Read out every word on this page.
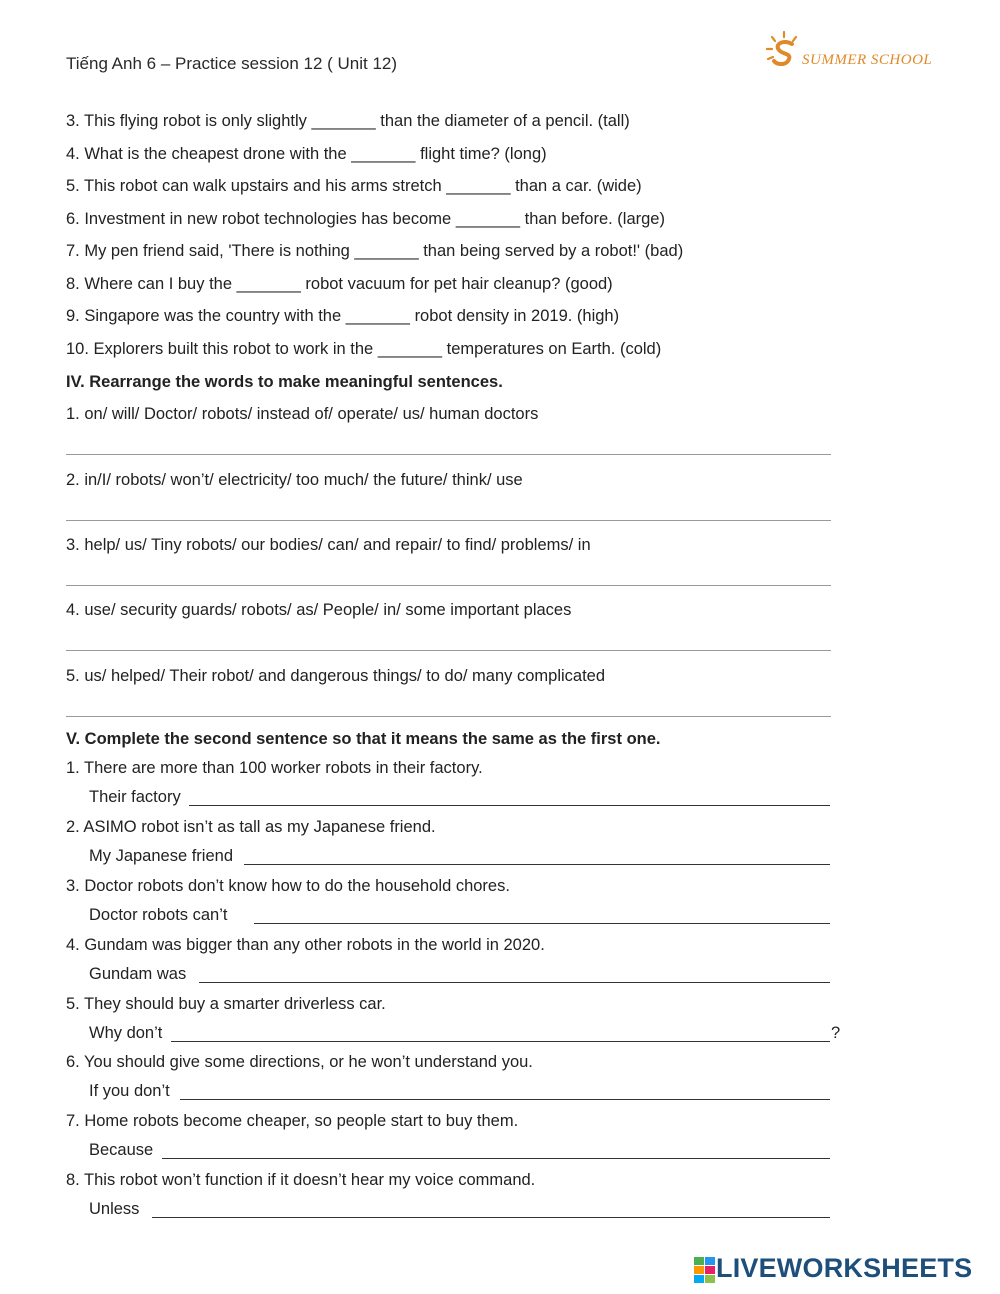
Tiếng Anh 6 – Practice session 12 ( Unit 12)	SUMMER SCHOOL
3. This flying robot is only slightly _______ than the diameter of a pencil. (tall)
4. What is the cheapest drone with the _______ flight time? (long)
5. This robot can walk upstairs and his arms stretch _______ than a car. (wide)
6. Investment in new robot technologies has become _______ than before. (large)
7. My pen friend said, 'There is nothing _______ than being served by a robot!' (bad)
8. Where can I buy the _______ robot vacuum for pet hair cleanup? (good)
9. Singapore was the country with the _______ robot density in 2019. (high)
10. Explorers built this robot to work in the _______ temperatures on Earth. (cold)
IV. Rearrange the words to make meaningful sentences.
1. on/ will/ Doctor/ robots/ instead of/ operate/ us/ human doctors
2. in/I/ robots/ won’t/ electricity/ too much/ the future/ think/ use
3. help/ us/ Tiny robots/ our bodies/ can/ and repair/ to find/ problems/ in
4. use/ security guards/ robots/ as/ People/ in/ some important places
5. us/ helped/ Their robot/ and dangerous things/ to do/ many complicated
V. Complete the second sentence so that it means the same as the first one.
1. There are more than 100 worker robots in their factory.
Their factory
2. ASIMO robot isn’t as tall as my Japanese friend.
My Japanese friend
3. Doctor robots don’t know how to do the household chores.
Doctor robots can’t
4. Gundam was bigger than any other robots in the world in 2020.
Gundam was
5. They should buy a smarter driverless car.
Why don’t	?
6. You should give some directions, or he won’t understand you.
If you don’t
7. Home robots become cheaper, so people start to buy them.
Because
8. This robot won’t function if it doesn’t hear my voice command.
Unless
LIVEWORKSHEETS
